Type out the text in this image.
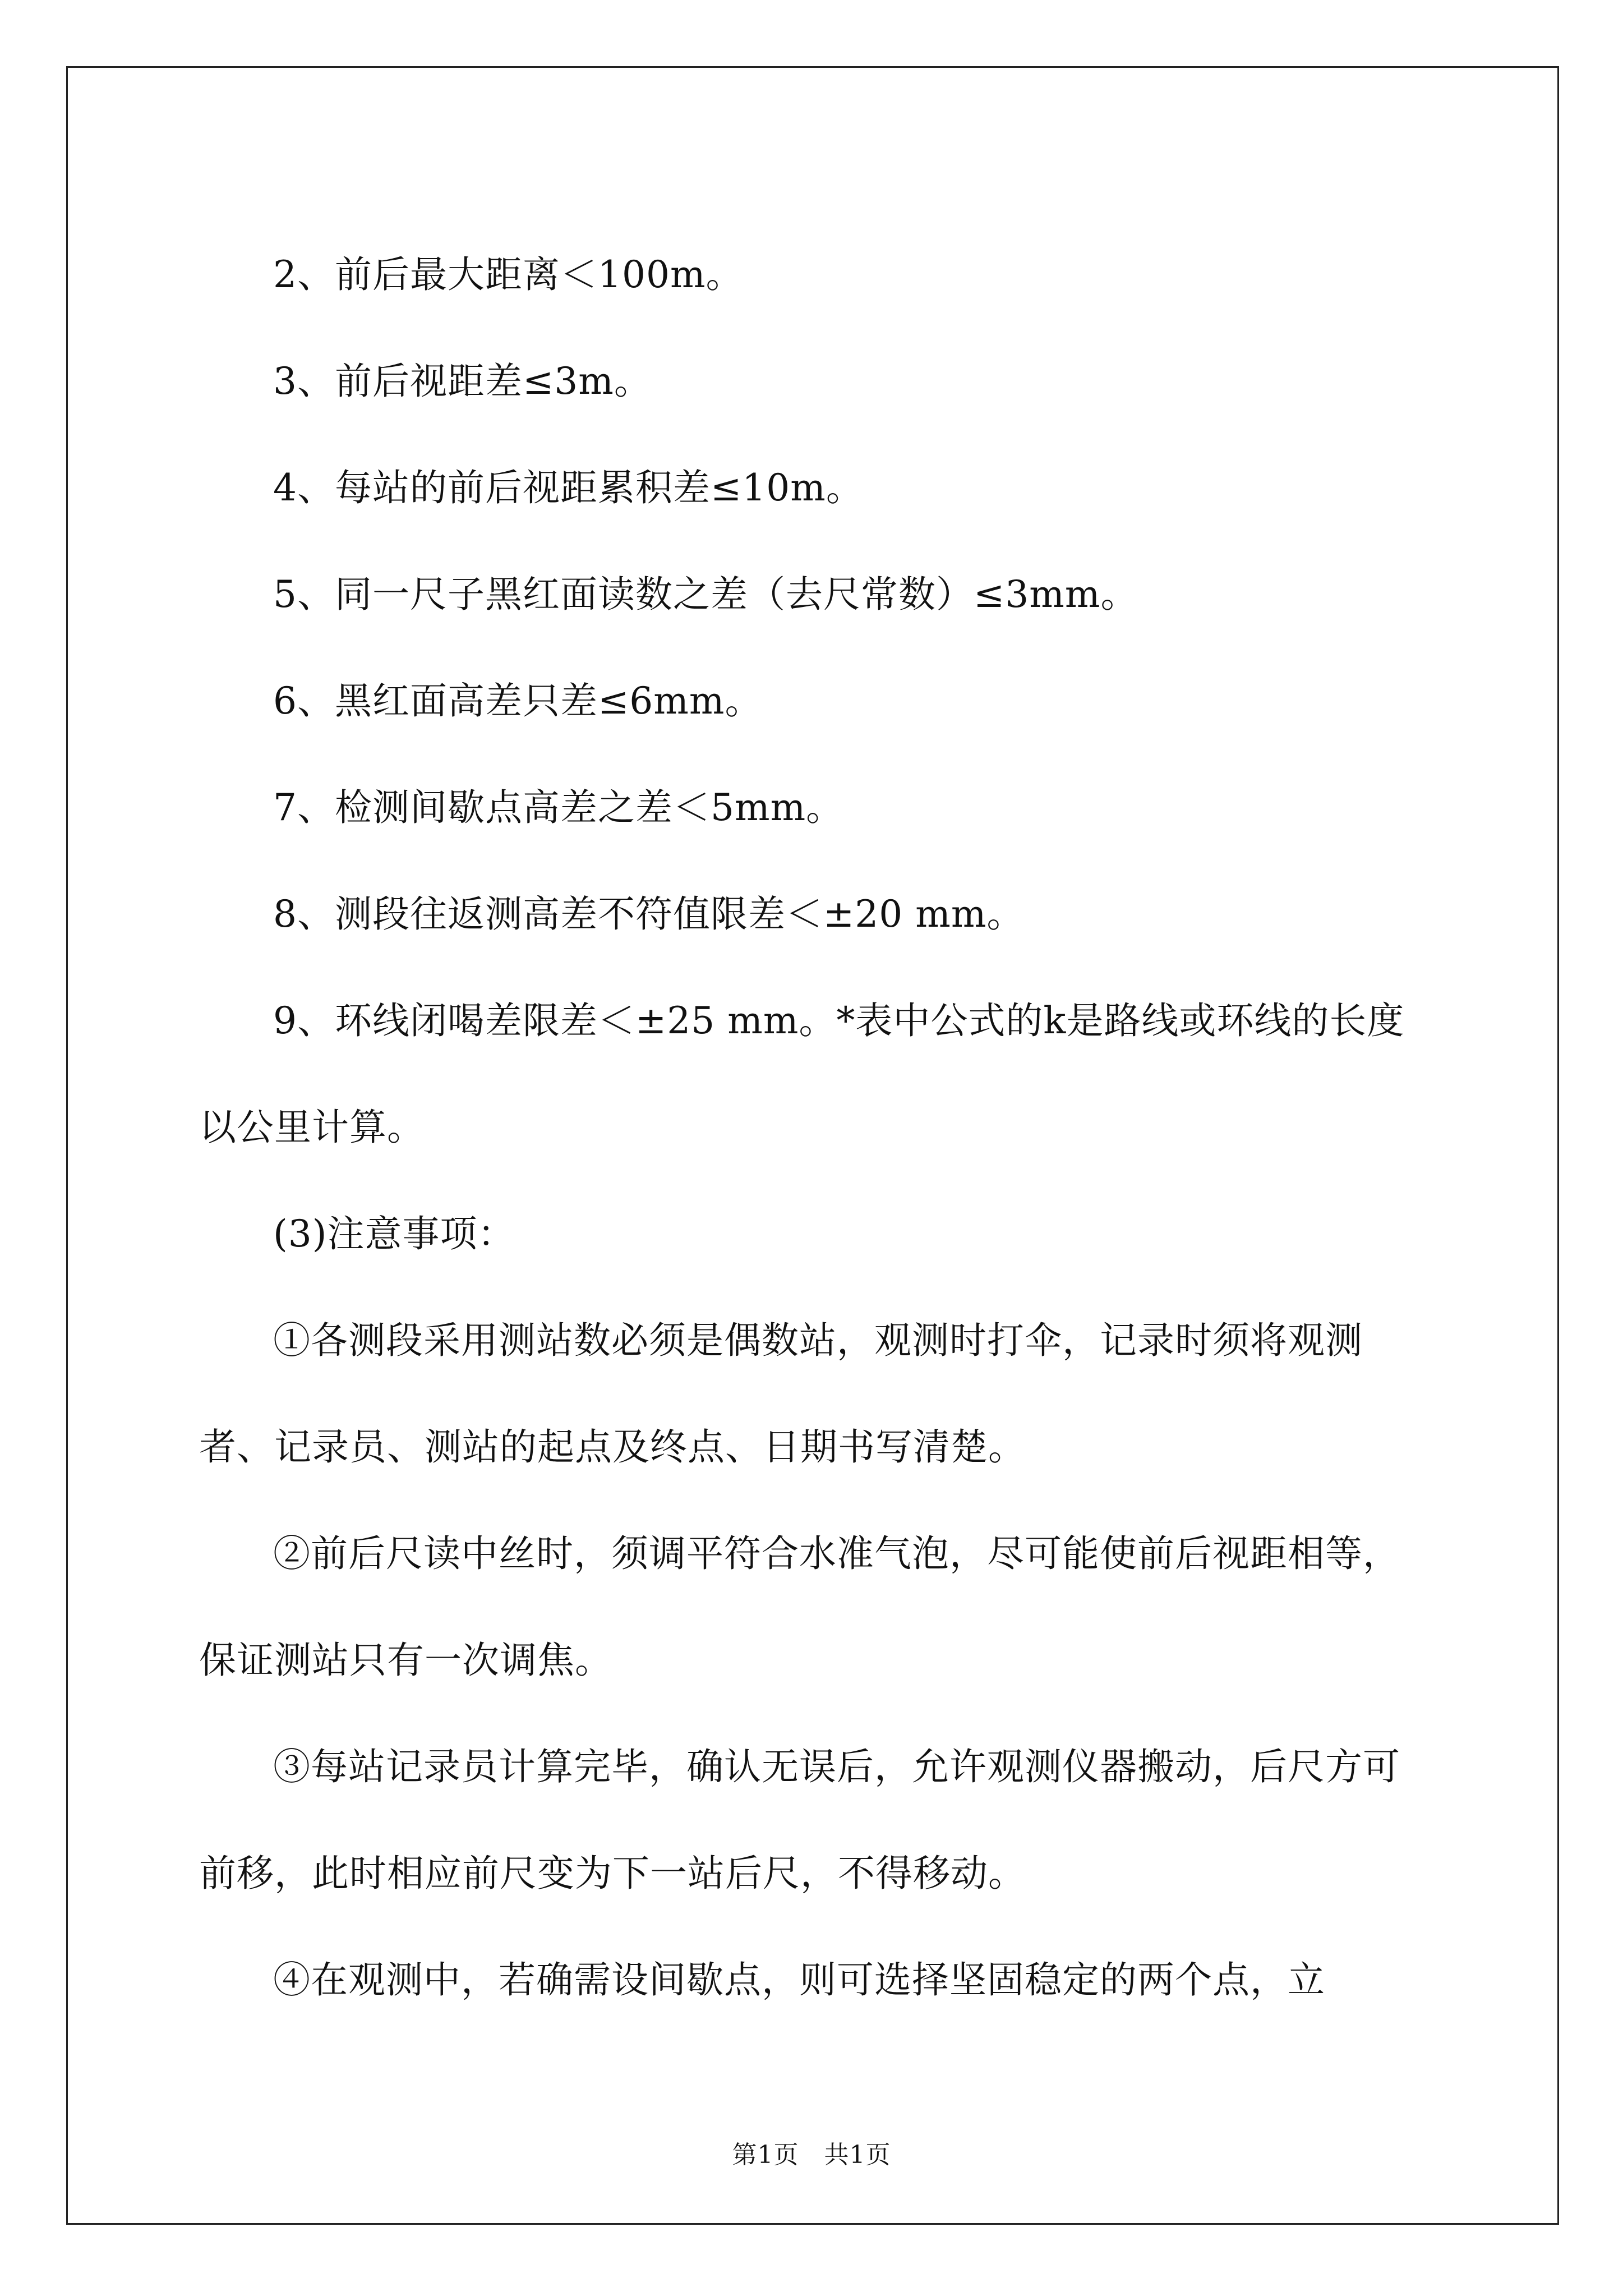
2、前后最大距离＜100m。

3、前后视距差≤3m。

4、每站的前后视距累积差≤10m。

5、同一尺子黑红面读数之差（去尺常数）≤3mm。

6、黑红面高差只差≤6mm。

7、检测间歇点高差之差＜5mm。

8、测段往返测高差不符值限差＜±20 mm。

9、环线闭喝差限差＜±25 mm。*表中公式的k是路线或环线的长度以公里计算。

(3)注意事项：

①各测段采用测站数必须是偶数站，观测时打伞，记录时须将观测者、记录员、测站的起点及终点、日期书写清楚。

②前后尺读中丝时，须调平符合水准气泡，尽可能使前后视距相等，保证测站只有一次调焦。

③每站记录员计算完毕，确认无误后，允许观测仪器搬动，后尺方可前移，此时相应前尺变为下一站后尺，不得移动。

④在观测中，若确需设间歇点，则可选择坚固稳定的两个点，立

第1页　共1页
